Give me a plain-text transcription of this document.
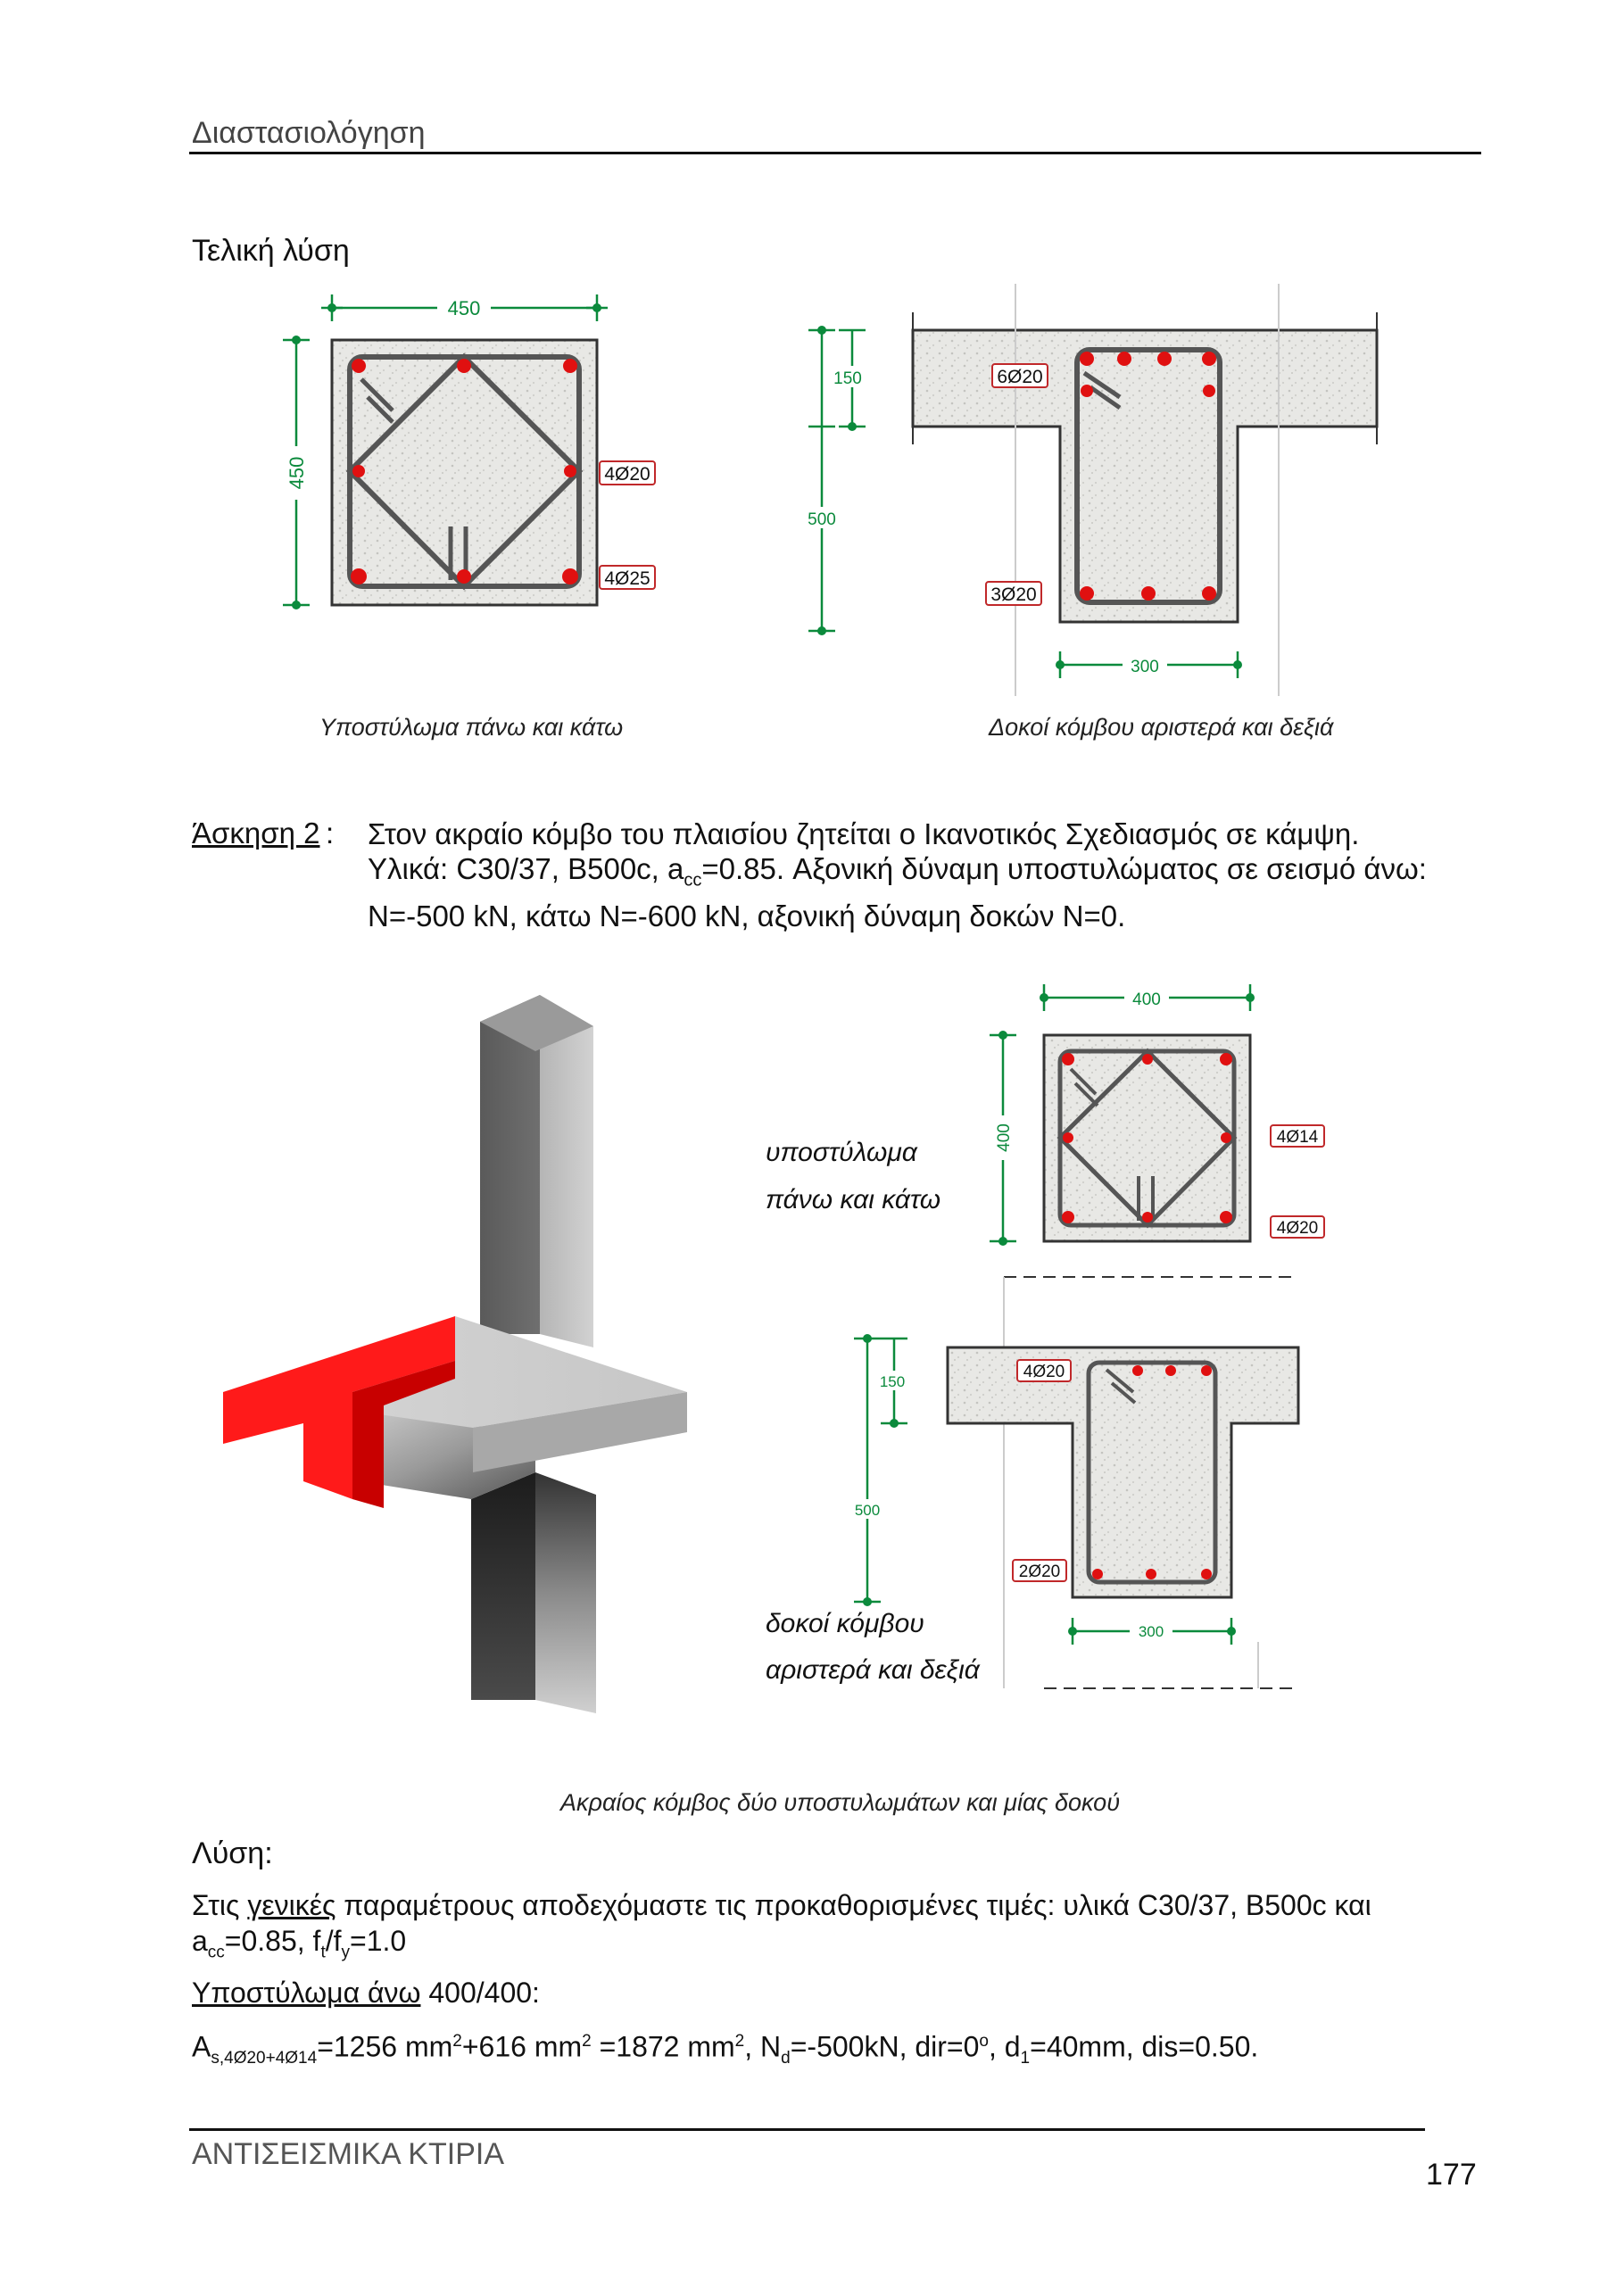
Διαστασιολόγηση
Τελική λύση
450
450	4Ø20
4Ø25
150
500
300
6Ø20
3Ø20
Υποστύλωμα πάνω και κάτω	Δοκοί κόμβου αριστερά και δεξιά
Άσκηση 2 : Στον ακραίο κόμβο του πλαισίου ζητείται ο Ικανοτικός Σχεδιασμός σε κάμψη.
Υλικά: C30/37, B500c, $a_{cc}=0.85$. Αξονική δύναμη υποστυλώματος σε σεισμό άνω:
N=-500 kN, κάτω N=-600 kN, αξονική δύναμη δοκών N=0.
400
400	4Ø14
4Ø20
150
500
300
4Ø20
2Ø20
υποστύλωμα
πάνω και κάτω
δοκοί κόμβου
αριστερά και δεξιά
Ακραίος κόμβος δύο υποστυλωμάτων και μίας δοκού
Λύση:
Στις γενικές παραμέτρους αποδεχόμαστε τις προκαθορισμένες τιμές: υλικά C30/37, B500c και
$a_{cc}=0.85$, $f_t/f_y=1.0$
Υποστύλωμα άνω 400/400:
$A_{s,4Ø20+4Ø14}=1256$ $mm^2+616$ $mm^2 =1872$ $mm^2$, $N_d=-500kN$, $dir=0^o$, $d_1=40mm$, dis=0.50.
ΑΝΤΙΣΕΙΣΜΙΚΑ ΚΤΙΡΙΑ
177
